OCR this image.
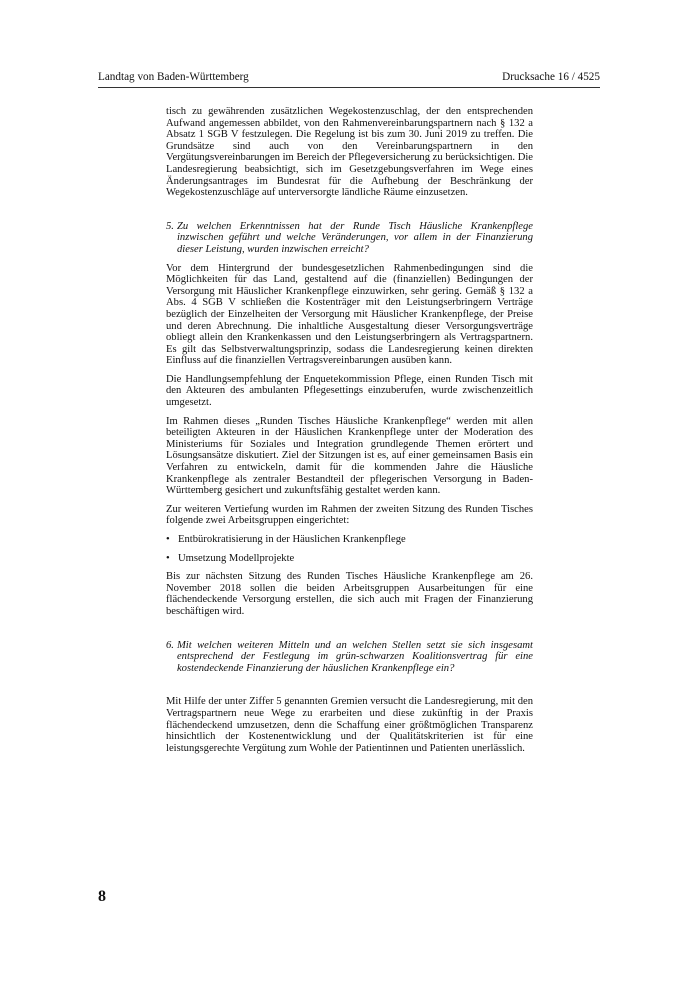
Landtag von Baden-Württemberg	Drucksache 16 / 4525

tisch zu gewährenden zusätzlichen Wegekostenzuschlag, der den entsprechenden Aufwand angemessen abbildet, von den Rahmenvereinbarungspartnern nach § 132 a Absatz 1 SGB V festzulegen. Die Regelung ist bis zum 30. Juni 2019 zu treffen. Die Grundsätze sind auch von den Vereinbarungspartnern in den Vergütungsvereinbarungen im Bereich der Pflegeversicherung zu berücksichtigen. Die Landesregierung beabsichtigt, sich im Gesetzgebungsverfahren im Wege eines Änderungsantrages im Bundesrat für die Aufhebung der Beschränkung der Wegekostenzuschläge auf unterversorgte ländliche Räume einzusetzen.

5. Zu welchen Erkenntnissen hat der Runde Tisch Häusliche Krankenpflege inzwischen geführt und welche Veränderungen, vor allem in der Finanzierung dieser Leistung, wurden inzwischen erreicht?

Vor dem Hintergrund der bundesgesetzlichen Rahmenbedingungen sind die Möglichkeiten für das Land, gestaltend auf die (finanziellen) Bedingungen der Versorgung mit Häuslicher Krankenpflege einzuwirken, sehr gering. Gemäß § 132 a Abs. 4 SGB V schließen die Kostenträger mit den Leistungserbringern Verträge bezüglich der Einzelheiten der Versorgung mit Häuslicher Krankenpflege, der Preise und deren Abrechnung. Die inhaltliche Ausgestaltung dieser Versorgungsverträge obliegt allein den Krankenkassen und den Leistungserbringern als Vertragspartnern. Es gilt das Selbstverwaltungsprinzip, sodass die Landesregierung keinen direkten Einfluss auf die finanziellen Vertragsvereinbarungen ausüben kann.

Die Handlungsempfehlung der Enquetekommission Pflege, einen Runden Tisch mit den Akteuren des ambulanten Pflegesettings einzuberufen, wurde zwischenzeitlich umgesetzt.

Im Rahmen dieses „Runden Tisches Häusliche Krankenpflege“ werden mit allen beteiligten Akteuren in der Häuslichen Krankenpflege unter der Moderation des Ministeriums für Soziales und Integration grundlegende Themen erörtert und Lösungsansätze diskutiert. Ziel der Sitzungen ist es, auf einer gemeinsamen Basis ein Verfahren zu entwickeln, damit für die kommenden Jahre die Häusliche Krankenpflege als zentraler Bestandteil der pflegerischen Versorgung in Baden-Württemberg gesichert und zukunftsfähig gestaltet werden kann.

Zur weiteren Vertiefung wurden im Rahmen der zweiten Sitzung des Runden Tisches folgende zwei Arbeitsgruppen eingerichtet:

• Entbürokratisierung in der Häuslichen Krankenpflege
• Umsetzung Modellprojekte

Bis zur nächsten Sitzung des Runden Tisches Häusliche Krankenpflege am 26. November 2018 sollen die beiden Arbeitsgruppen Ausarbeitungen für eine flächendeckende Versorgung erstellen, die sich auch mit Fragen der Finanzierung beschäftigen wird.

6. Mit welchen weiteren Mitteln und an welchen Stellen setzt sie sich insgesamt entsprechend der Festlegung im grün-schwarzen Koalitionsvertrag für eine kostendeckende Finanzierung der häuslichen Krankenpflege ein?

Mit Hilfe der unter Ziffer 5 genannten Gremien versucht die Landesregierung, mit den Vertragspartnern neue Wege zu erarbeiten und diese zukünftig in der Praxis flächendeckend umzusetzen, denn die Schaffung einer größtmöglichen Transparenz hinsichtlich der Kostenentwicklung und der Qualitätskriterien ist für eine leistungsgerechte Vergütung zum Wohle der Patientinnen und Patienten unerlässlich.

8
